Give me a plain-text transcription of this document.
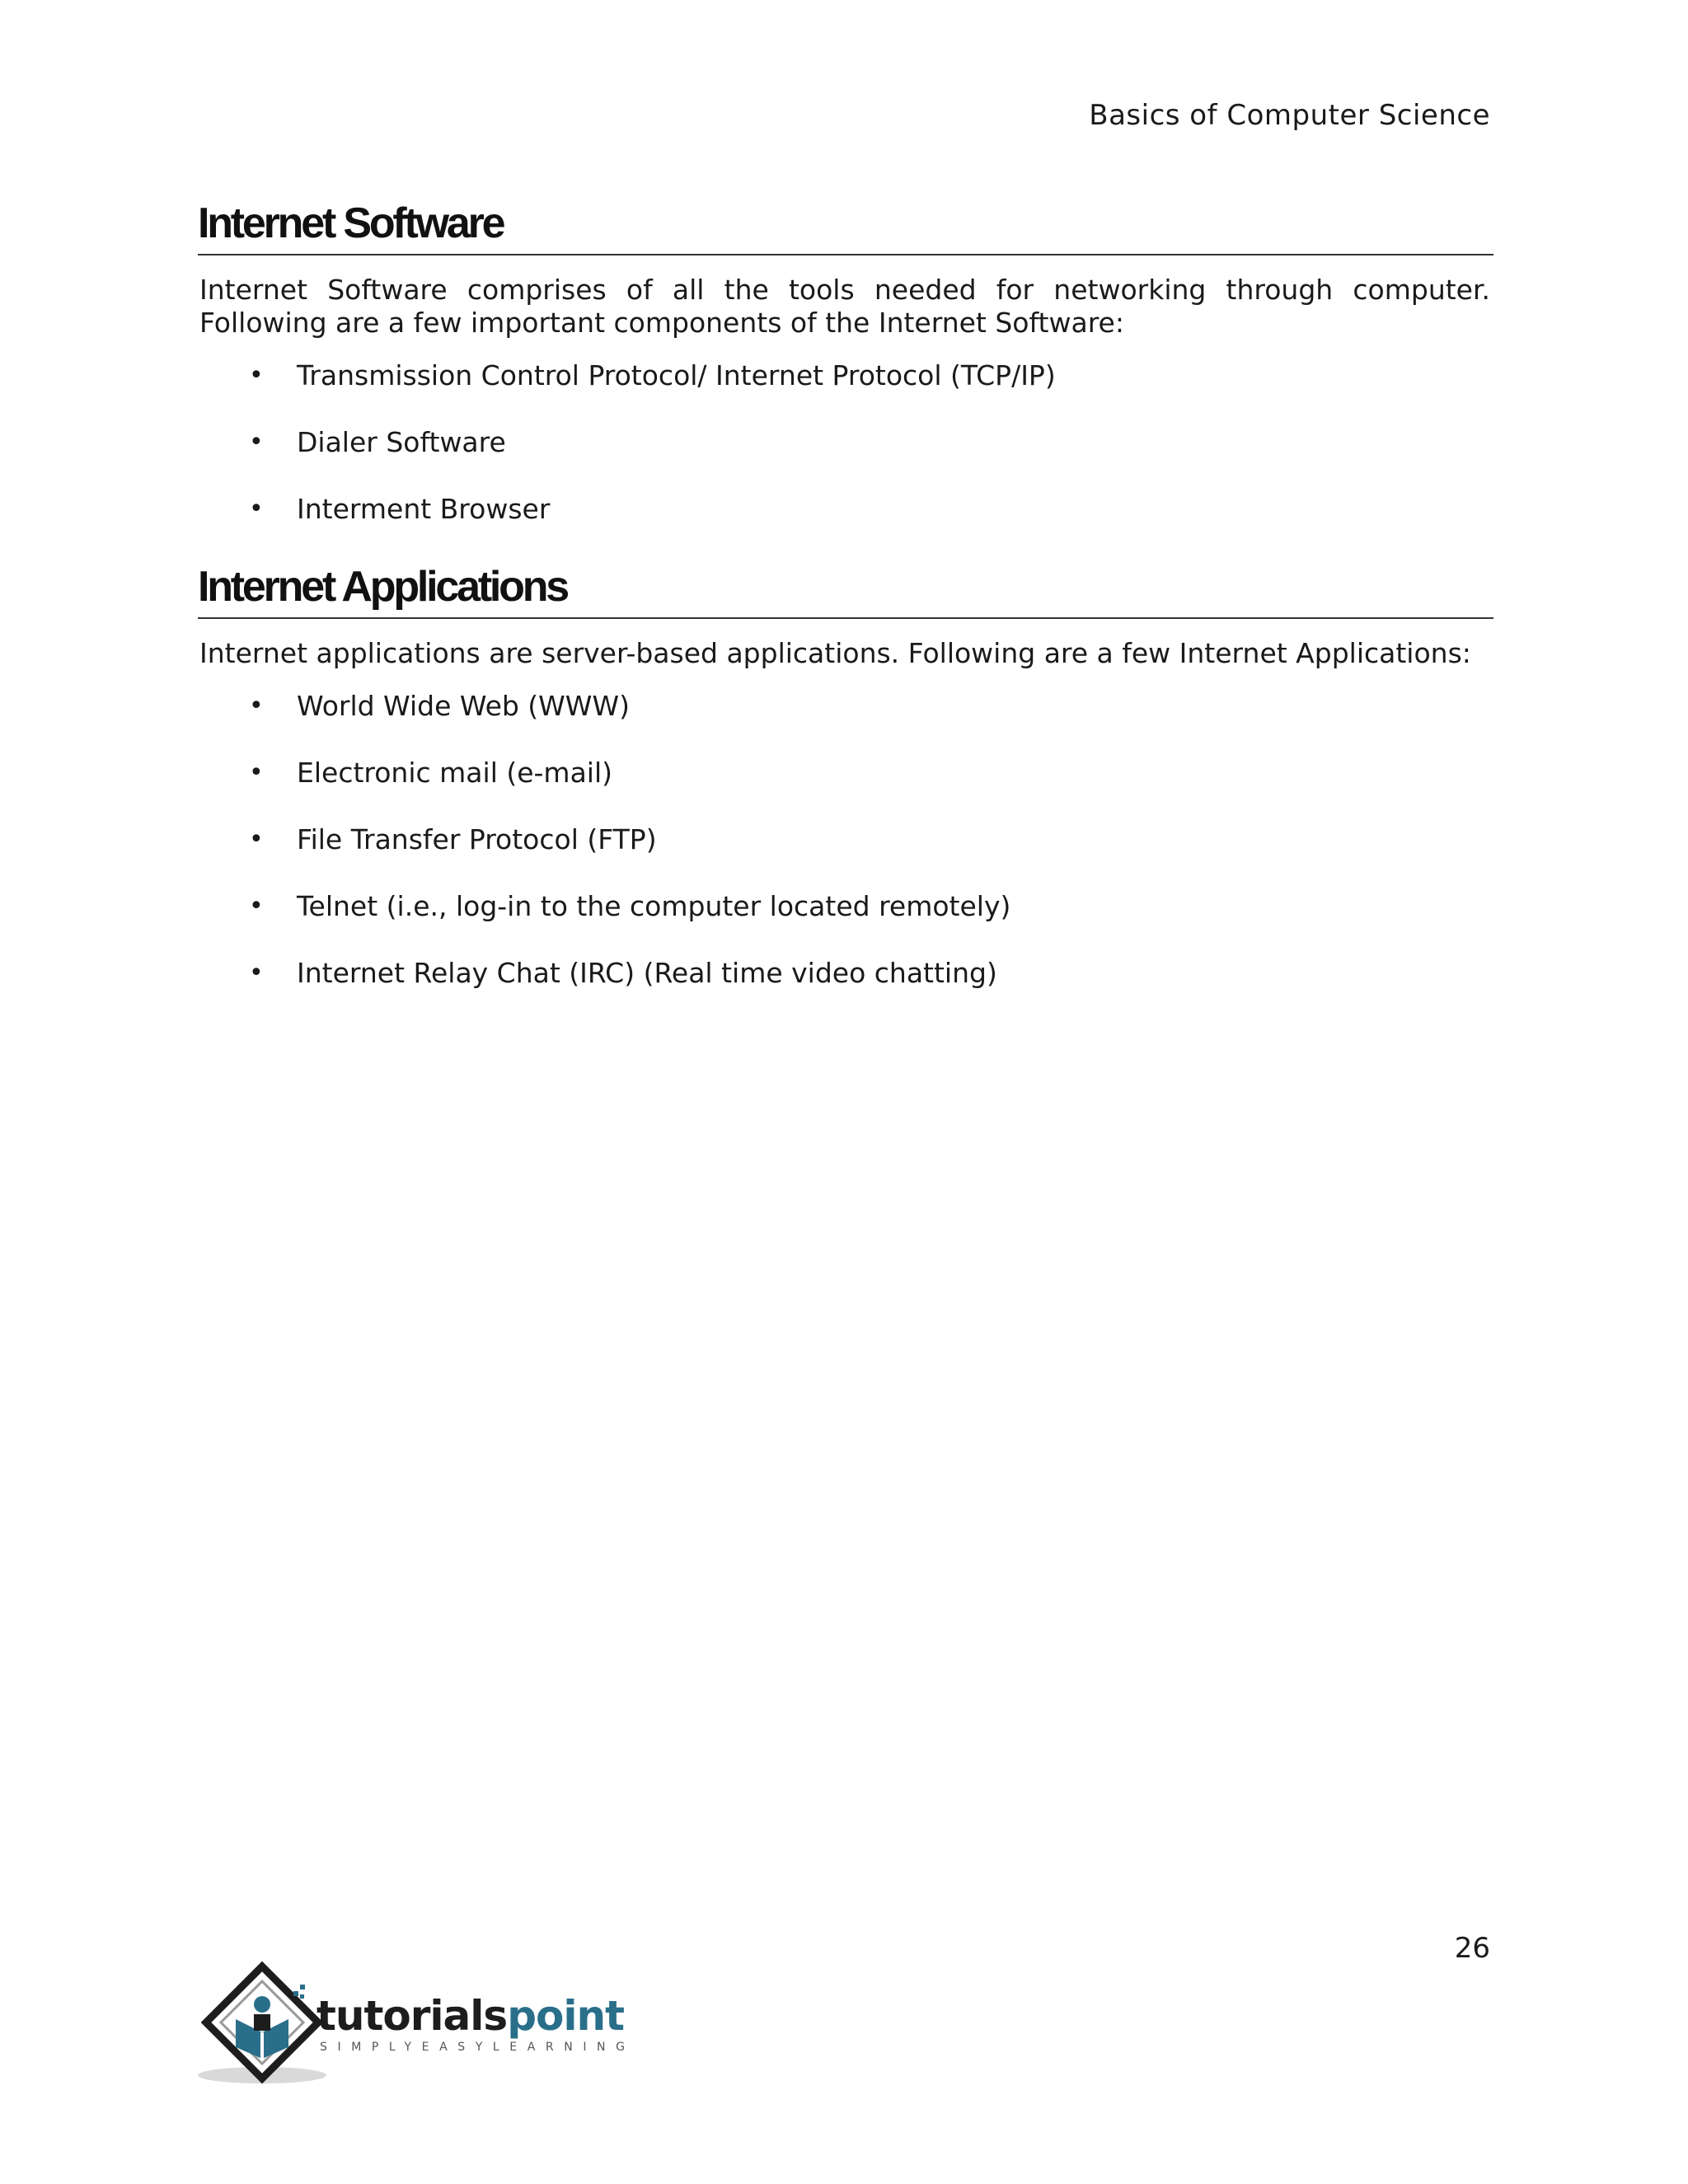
Basics of Computer Science
Internet Software

Internet Software comprises of all the tools needed for networking through computer. Following are a few important components of the Internet Software:

• Transmission Control Protocol/ Internet Protocol (TCP/IP)
• Dialer Software
• Interment Browser
Internet Applications

Internet applications are server-based applications. Following are a few Internet Applications:

• World Wide Web (WWW)
• Electronic mail (e-mail)
• File Transfer Protocol (FTP)
• Telnet (i.e., log-in to the computer located remotely)
• Internet Relay Chat (IRC) (Real time video chatting)
26
tutorialspoint
SIMPLYEASYLEARNING
